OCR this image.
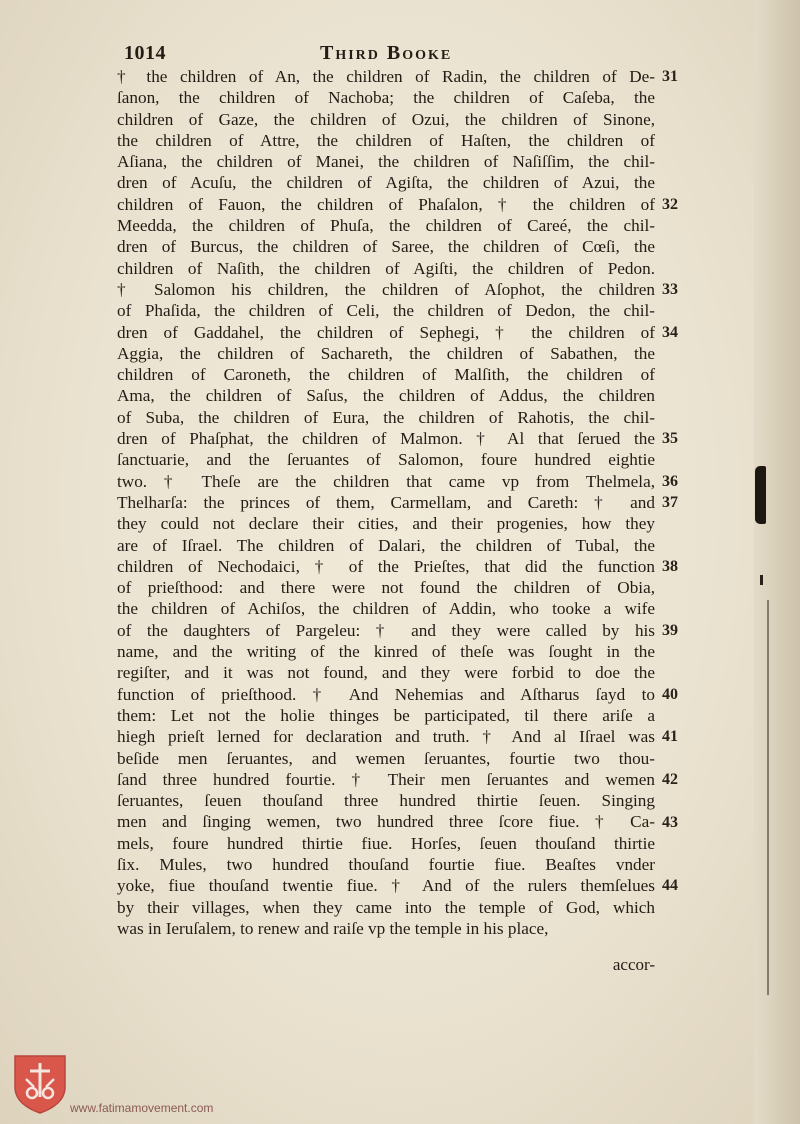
1014	Third Booke
† the children of An, the children of Radin, the children of De-
ſanon, the children of Nachoba; the children of Caſeba, the
children of Gaze, the children of Ozui, the children of Sinone,
the children of Attre, the children of Haſten, the children of
Aſiana, the children of Manei, the children of Naſiſſim, the chil-
dren of Acuſu, the children of Agiſta, the children of Azui, the
children of Fauon, the children of Phaſalon, † the children of
Meedda, the children of Phuſa, the children of Careé, the chil-
dren of Burcus, the children of Saree, the children of Cœſi, the
children of Naſith, the children of Agiſti, the children of Pedon.
† Salomon his children, the children of Aſophot, the children
of Phaſida, the children of Celi, the children of Dedon, the chil-
dren of Gaddahel, the children of Sephegi, † the children of
Aggia, the children of Sachareth, the children of Sabathen, the
children of Caroneth, the children of Malſith, the children of
Ama, the children of Saſus, the children of Addus, the children
of Suba, the children of Eura, the children of Rahotis, the chil-
dren of Phaſphat, the children of Malmon. † Al that ſerued the
ſanctuarie, and the ſeruantes of Salomon, foure hundred eightie
two. † Theſe are the children that came vp from Thelmela,
Thelharſa: the princes of them, Carmellam, and Careth: † and
they could not declare their cities, and their progenies, how they
are of Iſrael. The children of Dalari, the children of Tubal, the
children of Nechodaici, † of the Prieſtes, that did the function
of prieſthood: and there were not found the children of Obia,
the children of Achiſos, the children of Addin, who tooke a wife
of the daughters of Pargeleu: † and they were called by his
name, and the writing of the kinred of theſe was ſought in the
regiſter, and it was not found, and they were forbid to doe the
function of prieſthood. † And Nehemias and Aſtharus ſayd to
them: Let not the holie thinges be participated, til there ariſe a
hiegh prieſt lerned for declaration and truth. † And al Iſrael was
beſide men ſeruantes, and wemen ſeruantes, fourtie two thou-
ſand three hundred fourtie. † Their men ſeruantes and wemen
ſeruantes, ſeuen thouſand three hundred thirtie ſeuen. Singing
men and ſinging wemen, two hundred three ſcore fiue. † Ca-
mels, foure hundred thirtie fiue. Horſes, ſeuen thouſand thirtie
ſix. Mules, two hundred thouſand fourtie fiue. Beaſtes vnder
yoke, fiue thouſand twentie fiue. † And of the rulers themſelues
by their villages, when they came into the temple of God, which
was in Ieruſalem, to renew and raiſe vp the temple in his place,
accor-
31
32
33
34
35
36
37
38
39
40
41
42
43
44
www.fatimamovement.com
